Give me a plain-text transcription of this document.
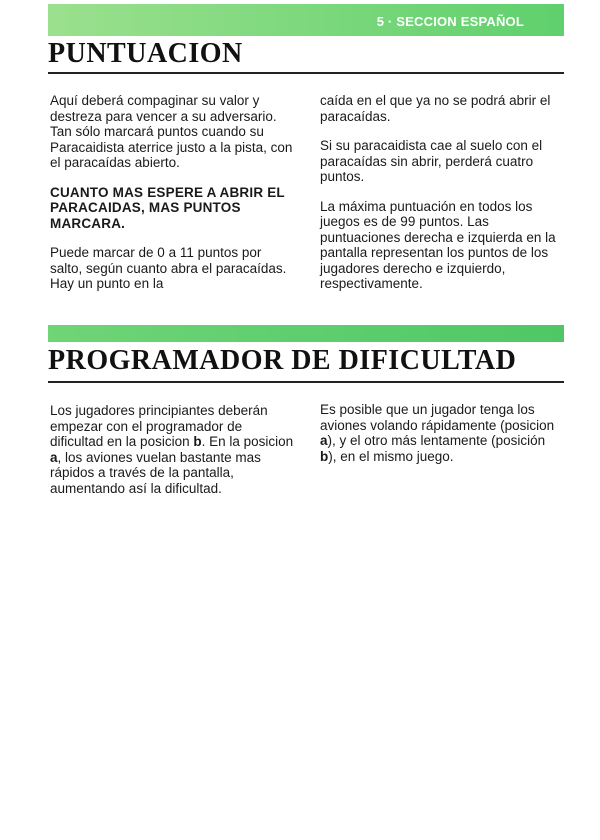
5 · SECCION ESPAÑOL
PUNTUACION

Aquí deberá compaginar su valor y destreza para vencer a su adversario. Tan sólo marcará puntos cuando su Paracaidista aterrice justo a la pista, con el paracaídas abierto.

CUANTO MAS ESPERE A ABRIR EL PARACAIDAS, MAS PUNTOS MARCARA.

Puede marcar de 0 a 11 puntos por salto, según cuanto abra el paracaídas. Hay un punto en la

caída en el que ya no se podrá abrir el paracaídas.

Si su paracaidista cae al suelo con el paracaídas sin abrir, perderá cuatro puntos.

La máxima puntuación en todos los juegos es de 99 puntos. Las puntuaciones derecha e izquierda en la pantalla representan los puntos de los jugadores derecho e izquierdo, respectivamente.

PROGRAMADOR DE DIFICULTAD

Los jugadores principiantes deberán empezar con el programador de dificultad en la posicion b. En la posicion a, los aviones vuelan bastante mas rápidos a través de la pantalla, aumentando así la dificultad.

Es posible que un jugador tenga los aviones volando rápidamente (posicion a), y el otro más lentamente (posición b), en el mismo juego.
